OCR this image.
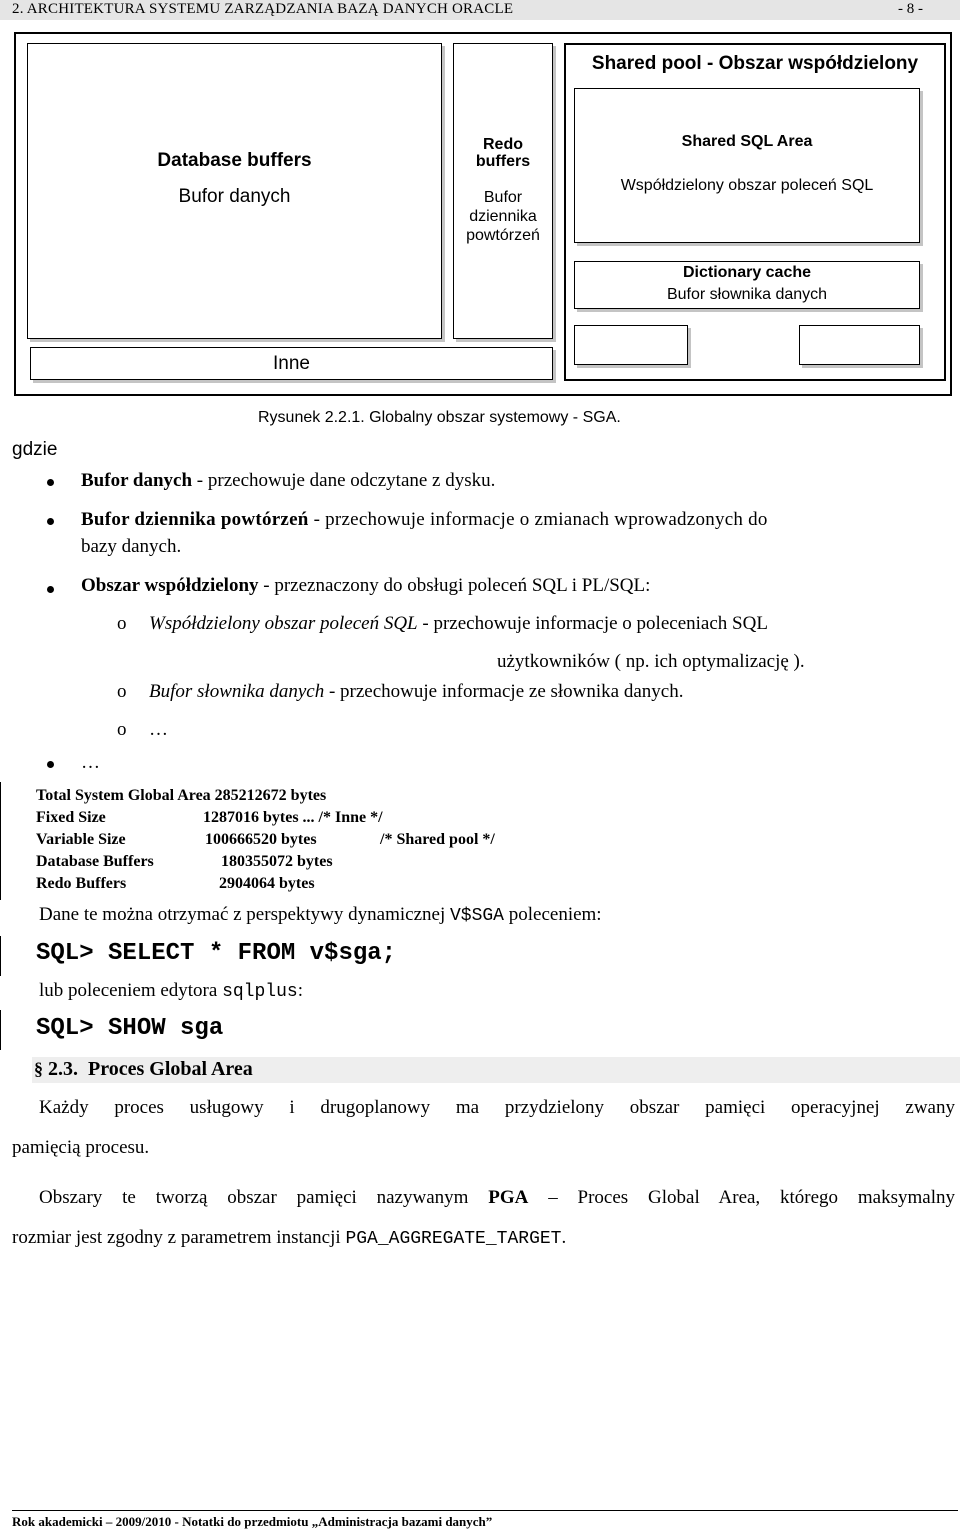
2. ARCHITEKTURA SYSTEMU ZARZĄDZANIA BAZĄ DANYCH ORACLE	- 8 -
Database buffers
Bufor danych
Redo
buffers
Bufor
dziennika
powtórzeń
Inne
Shared pool - Obszar współdzielony
Shared SQL Area
Współdzielony obszar poleceń SQL
Dictionary cache
Bufor słownika danych
Rysunek 2.2.1. Globalny obszar systemowy - SGA.
gdzie
Bufor danych - przechowuje dane odczytane z dysku.
Bufor dziennika powtórzeń - przechowuje informacje o zmianach wprowadzonych do
bazy danych.
Obszar współdzielony - przeznaczony do obsługi poleceń SQL i PL/SQL:
o Współdzielony obszar poleceń SQL - przechowuje informacje o poleceniach SQL
użytkowników ( np. ich optymalizację ).
o Bufor słownika danych - przechowuje informacje ze słownika danych.
o …
…
Total System Global Area 285212672 bytes
Fixed Size	1287016 bytes ... /* Inne */
Variable Size	100666520 bytes	/* Shared pool */
Database Buffers	180355072 bytes
Redo Buffers	2904064 bytes
Dane te można otrzymać z perspektywy dynamicznej V$SGA poleceniem:
SQL> SELECT * FROM v$sga;
lub poleceniem edytora sqlplus:
SQL> SHOW sga
§ 2.3.  Proces Global Area
Każdy proces usługowy i drugoplanowy ma przydzielony obszar pamięci operacyjnej zwany
pamięcią procesu.
Obszary te tworzą obszar pamięci nazywanym PGA – Proces Global Area, którego maksymalny
rozmiar jest zgodny z parametrem instancji PGA_AGGREGATE_TARGET.
Rok akademicki – 2009/2010 - Notatki do przedmiotu „Administracja bazami danych”
